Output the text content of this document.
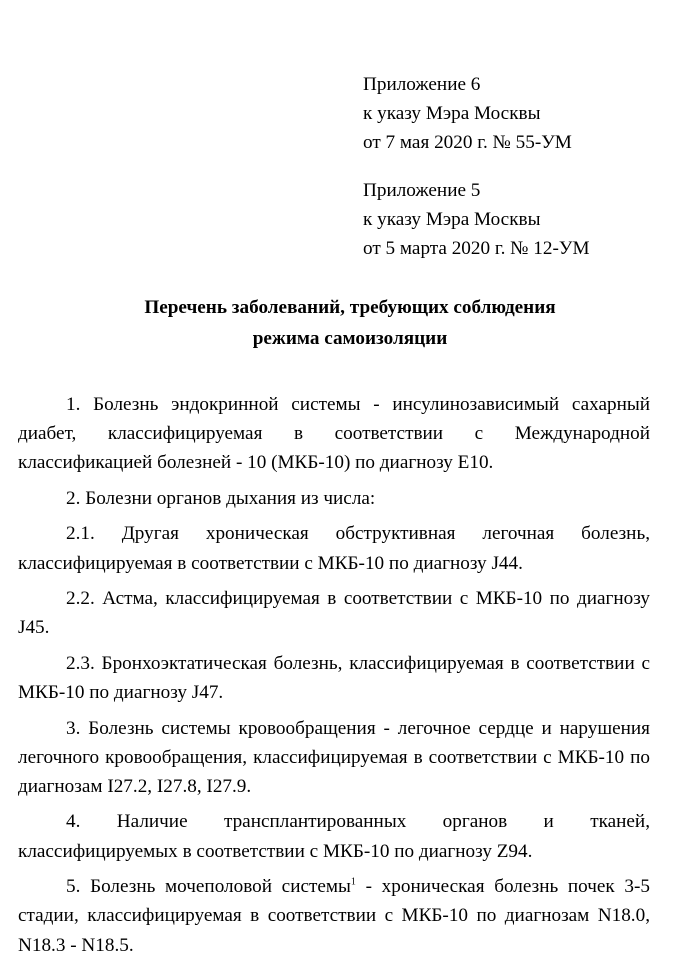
Приложение 6
к указу Мэра Москвы
от 7 мая 2020 г. № 55-УМ
Приложение 5
к указу Мэра Москвы
от 5 марта 2020 г. № 12-УМ
Перечень заболеваний, требующих соблюдения
режима самоизоляции

1. Болезнь эндокринной системы - инсулинозависимый сахарный диабет, классифицируемая в соответствии с Международной классификацией болезней - 10 (МКБ-10) по диагнозу E10.

2. Болезни органов дыхания из числа:

2.1. Другая хроническая обструктивная легочная болезнь, классифицируемая в соответствии с МКБ-10 по диагнозу J44.

2.2. Астма, классифицируемая в соответствии с МКБ-10 по диагнозу J45.

2.3. Бронхоэктатическая болезнь, классифицируемая в соответствии с МКБ-10 по диагнозу J47.

3. Болезнь системы кровообращения - легочное сердце и нарушения легочного кровообращения, классифицируемая в соответствии с МКБ-10 по диагнозам I27.2, I27.8, I27.9.

4. Наличие трансплантированных органов и тканей, классифицируемых в соответствии с МКБ-10 по диагнозу Z94.

5. Болезнь мочеполовой системы$^1$ - хроническая болезнь почек 3-5 стадии, классифицируемая в соответствии с МКБ-10 по диагнозам N18.0, N18.3 - N18.5.
